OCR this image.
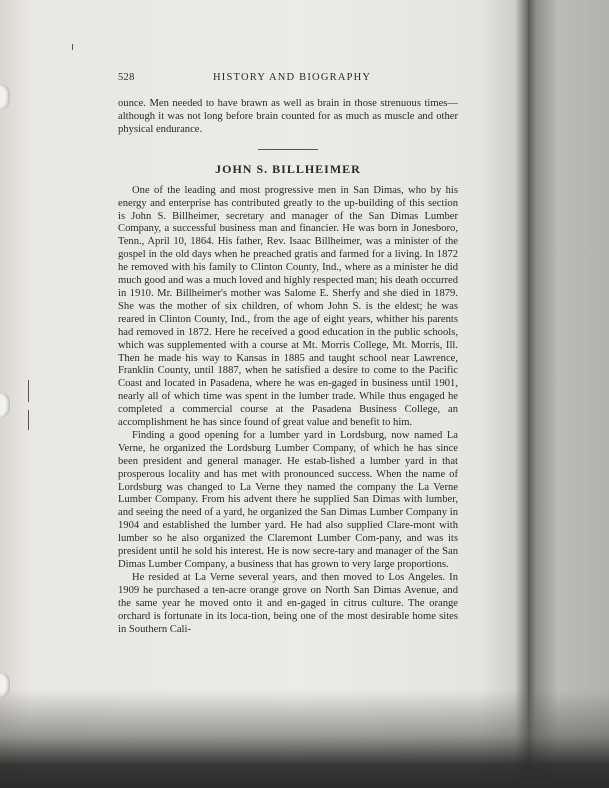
528	HISTORY AND BIOGRAPHY

ounce. Men needed to have brawn as well as brain in those strenuous times—although it was not long before brain counted for as much as muscle and other physical endurance.

JOHN S. BILLHEIMER

One of the leading and most progressive men in San Dimas, who by his energy and enterprise has contributed greatly to the up-building of this section is John S. Billheimer, secretary and manager of the San Dimas Lumber Company, a successful business man and financier. He was born in Jonesboro, Tenn., April 10, 1864. His father, Rev. Isaac Billheimer, was a minister of the gospel in the old days when he preached gratis and farmed for a living. In 1872 he removed with his family to Clinton County, Ind., where as a minister he did much good and was a much loved and highly respected man; his death occurred in 1910. Mr. Billheimer's mother was Salome E. Sherfy and she died in 1879. She was the mother of six children, of whom John S. is the eldest; he was reared in Clinton County, Ind., from the age of eight years, whither his parents had removed in 1872. Here he received a good education in the public schools, which was supplemented with a course at Mt. Morris College, Mt. Morris, Ill. Then he made his way to Kansas in 1885 and taught school near Lawrence, Franklin County, until 1887, when he satisfied a desire to come to the Pacific Coast and located in Pasadena, where he was en-gaged in business until 1901, nearly all of which time was spent in the lumber trade. While thus engaged he completed a commercial course at the Pasadena Business College, an accomplishment he has since found of great value and benefit to him.

Finding a good opening for a lumber yard in Lordsburg, now named La Verne, he organized the Lordsburg Lumber Company, of which he has since been president and general manager. He estab-lished a lumber yard in that prosperous locality and has met with pronounced success. When the name of Lordsburg was changed to La Verne they named the company the La Verne Lumber Company. From his advent there he supplied San Dimas with lumber, and seeing the need of a yard, he organized the San Dimas Lumber Company in 1904 and established the lumber yard. He had also supplied Clare-mont with lumber so he also organized the Claremont Lumber Com-pany, and was its president until he sold his interest. He is now secre-tary and manager of the San Dimas Lumber Company, a business that has grown to very large proportions.

He resided at La Verne several years, and then moved to Los Angeles. In 1909 he purchased a ten-acre orange grove on North San Dimas Avenue, and the same year he moved onto it and en-gaged in citrus culture. The orange orchard is fortunate in its loca-tion, being one of the most desirable home sites in Southern Cali-
